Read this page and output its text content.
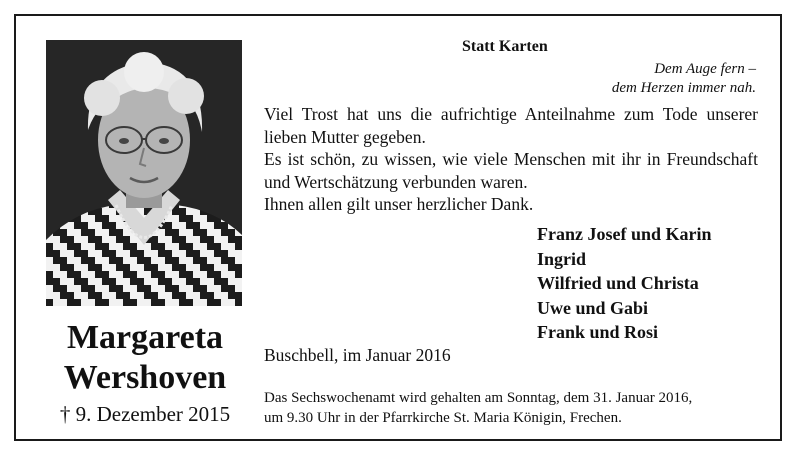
Margareta
Wershoven
† 9. Dezember 2015
Statt Karten
Dem Auge fern –
dem Herzen immer nah.

Viel Trost hat uns die aufrichtige Anteilnahme zum Tode unserer lieben Mutter gegeben.

Es ist schön, zu wissen, wie viele Menschen mit ihr in Freundschaft und Wertschätzung verbunden waren.

Ihnen allen gilt unser herzlicher Dank.

Franz Josef und Karin
Ingrid
Wilfried und Christa
Uwe und Gabi
Frank und Rosi
Buschbell, im Januar 2016
Das Sechswochenamt wird gehalten am Sonntag, dem 31. Januar 2016,
um 9.30 Uhr in der Pfarrkirche St. Maria Königin, Frechen.
